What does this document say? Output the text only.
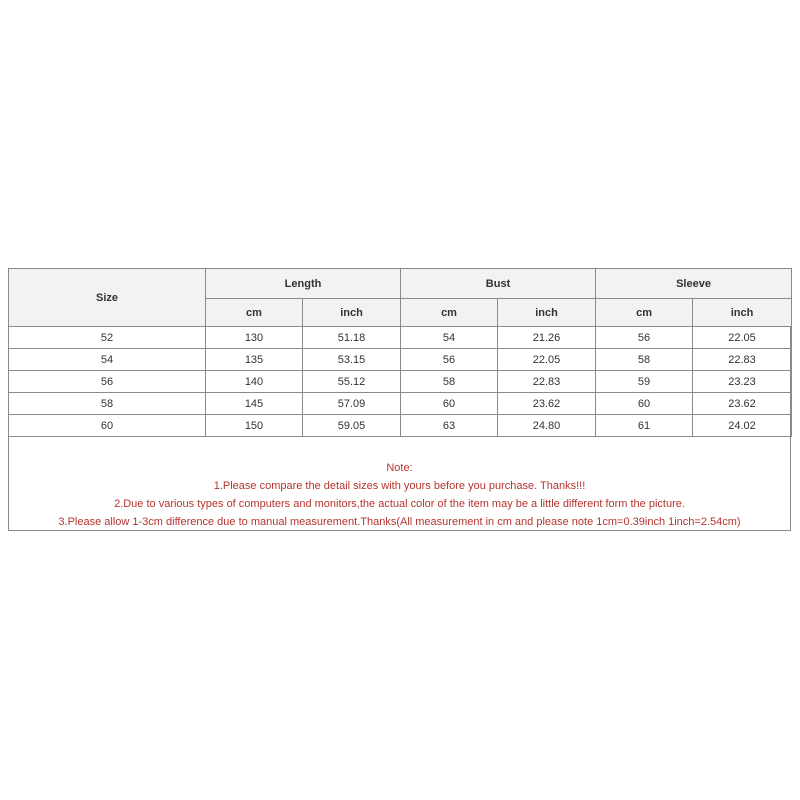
Size	Length		Bust		Sleeve	
	cm	inch	cm	inch	cm	inch
52	130	51.18	54	21.26	56	22.05
54	135	53.15	56	22.05	58	22.83
56	140	55.12	58	22.83	59	23.23
58	145	57.09	60	23.62	60	23.62
60	150	59.05	63	24.80	61	24.02
Note:
1.Please compare the detail sizes with yours before you purchase. Thanks!!!
2.Due to various types of computers and monitors,the actual color of the item may be a little different form the picture.
3.Please allow 1-3cm difference due to manual measurement.Thanks(All measurement in cm and please note 1cm=0.39inch 1inch=2.54cm)
